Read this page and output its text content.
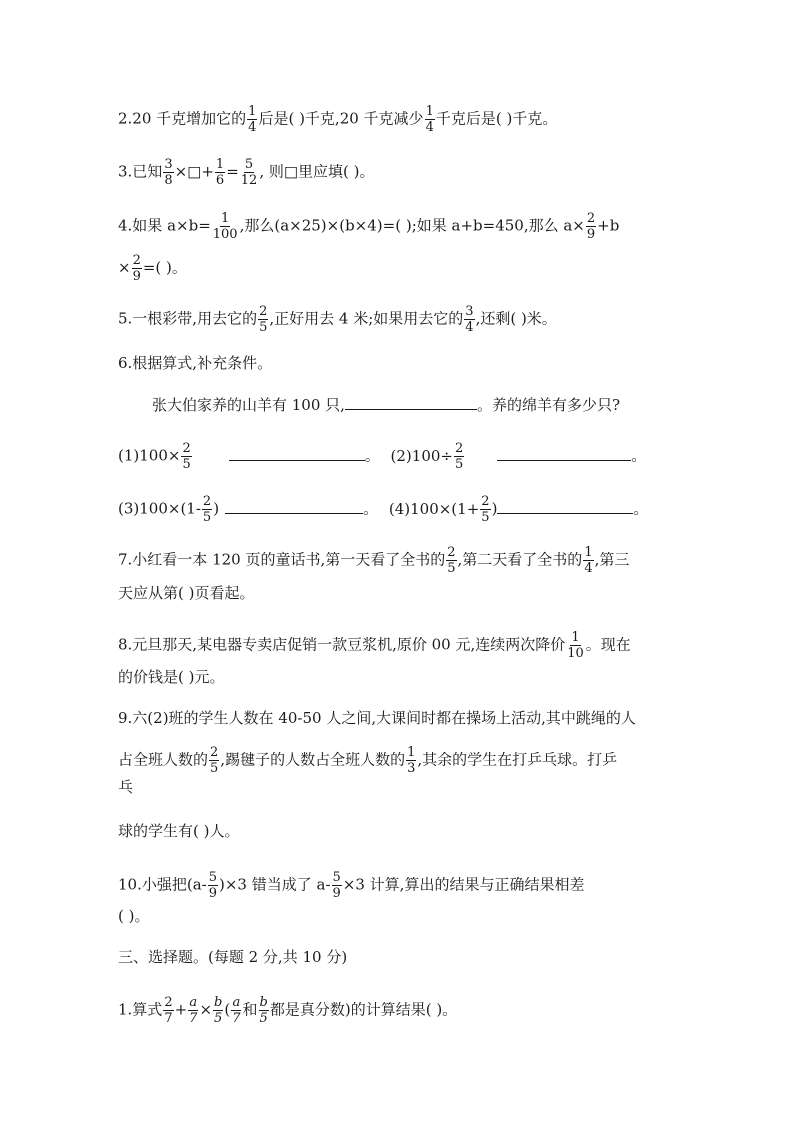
2.20 千克增加它的 $\frac{1}{4}$ 后是( )千克,20 千克减少 $\frac{1}{4}$ 千克后是( )千克。
3.已知 $\frac{3}{8}$ ×□+ $\frac{1}{6} = \frac{5}{12}$ , 则□里应填( )。
4.如果 $a\times b= \frac{1}{100}$ ,那么(a×25)×(b×4)=( );如果 a+b=450,那么 $a\times \frac{2}{9} +b$
× $\frac{2}{9}$ =( )。
5.一根彩带,用去它的 $\frac{2}{5}$ ,正好用去 4 米;如果用去它的 $\frac{3}{4}$ ,还剩( )米。
6.根据算式,补充条件。
张大伯家养的山羊有 100 只,	。养的绵羊有多少只?
$(1)100\times \frac{2}{5}$	。 $(2)100\div \frac{2}{5}$	。
$(3)100\times(1- \frac{2}{5}$ )	。 $(4)100\times(1+ \frac{2}{5}$ )	。
7.小红看一本 120 页的童话书,第一天看了全书的 $\frac{2}{5}$ ,第二天看了全书的 $\frac{1}{4}$ ,第三
天应从第( )页看起。
8.元旦那天,某电器专卖店促销一款豆浆机,原价 00 元,连续两次降价 $\frac{1}{10}$ 。现在
的价钱是( )元。
9.六(2)班的学生人数在 40-50 人之间,大课间时都在操场上活动,其中跳绳的人
占全班人数的 $\frac{2}{5}$ ,踢毽子的人数占全班人数的 $\frac{1}{3}$ ,其余的学生在打乒乓球。打乒
乓
球的学生有( )人。
10.小强把$(a- \frac{5}{9} )\times 3$ 错当成了 $a- \frac{5}{9} \times 3$ 计算,算出的结果与正确结果相差
( )。
三、选择题。(每题 2 分,共 10 分)
1.算式 $\frac{2}{7} + \frac{a}{7} \times \frac{b}{5}$ ( $\frac{a}{7}$ 和 $\frac{b}{5}$ 都是真分数)的计算结果( )。
